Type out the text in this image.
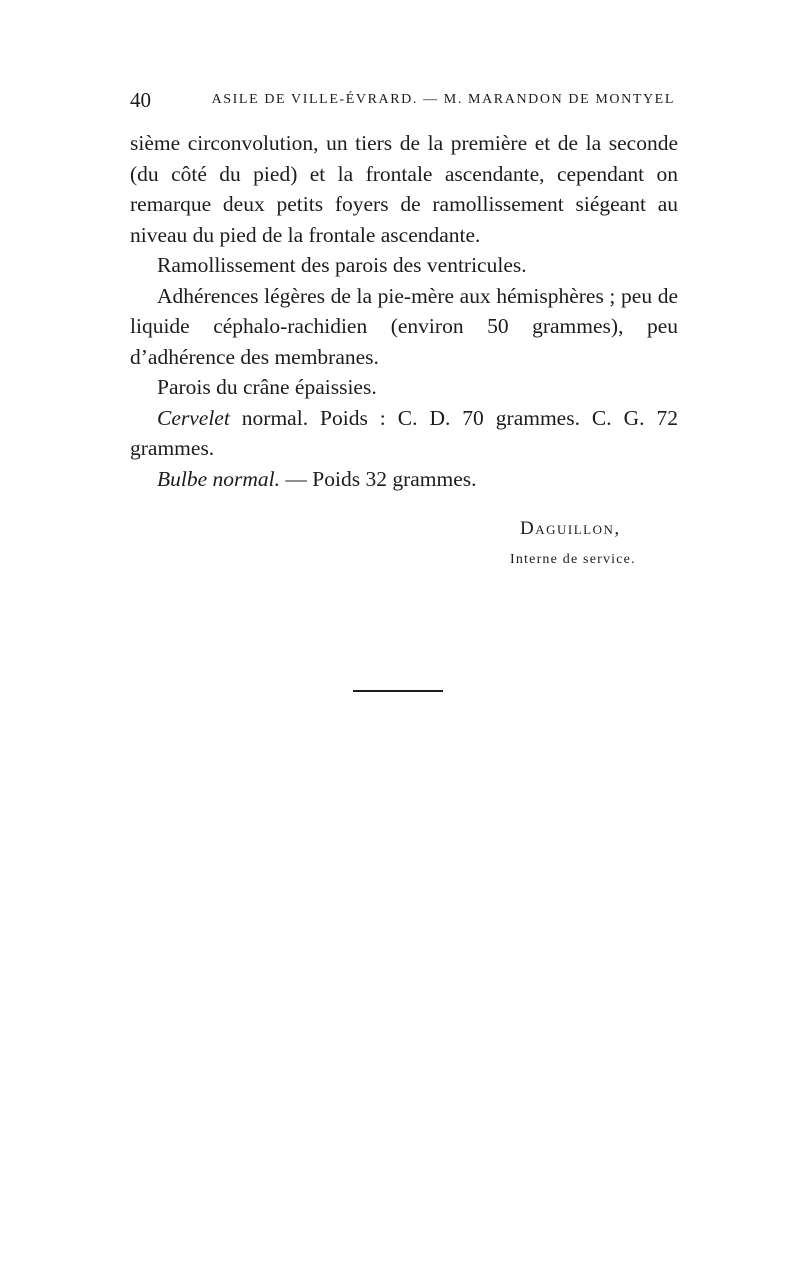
40	ASILE DE VILLE-ÉVRARD. — M. MARANDON DE MONTYEL

sième circonvolution, un tiers de la première et de la seconde (du côté du pied) et la frontale ascendante, cependant on remarque deux petits foyers de ramollissement siégeant au niveau du pied de la frontale ascendante.

Ramollissement des parois des ventricules.

Adhérences légères de la pie-mère aux hémisphères ; peu de liquide céphalo-rachidien (environ 50 grammes), peu d’adhérence des membranes.

Parois du crâne épaissies.

Cervelet normal. Poids : C. D. 70 grammes. C. G. 72 grammes.

Bulbe normal. — Poids 32 grammes.

Daguillon,
Interne de service.
